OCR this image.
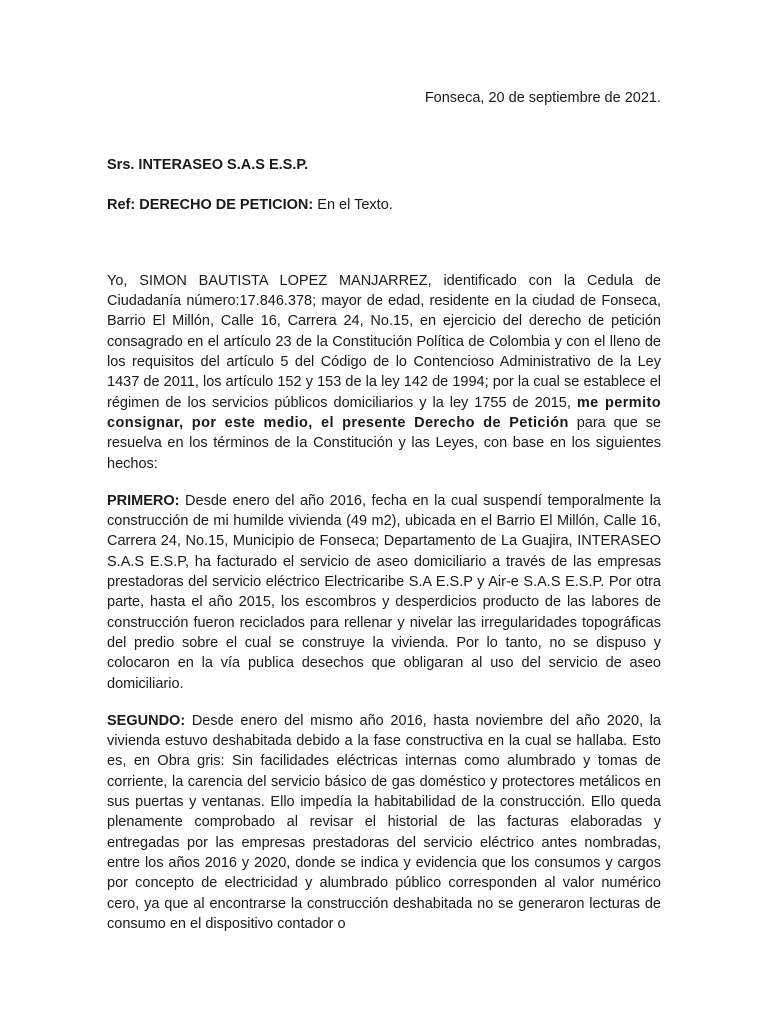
Fonseca, 20 de septiembre de 2021.

Srs. INTERASEO S.A.S E.S.P.

Ref: DERECHO DE PETICION: En el Texto.

Yo, SIMON BAUTISTA LOPEZ MANJARREZ, identificado con la Cedula de Ciudadanía número:17.846.378; mayor de edad, residente en la ciudad de Fonseca, Barrio El Millón, Calle 16, Carrera 24, No.15, en ejercicio del derecho de petición consagrado en el artículo 23 de la Constitución Política de Colombia y con el lleno de los requisitos del artículo 5 del Código de lo Contencioso Administrativo de la Ley 1437 de 2011, los artículo 152 y 153 de la ley 142 de 1994; por la cual se establece el régimen de los servicios públicos domiciliarios y la ley 1755 de 2015, me permito consignar, por este medio, el presente Derecho de Petición para que se resuelva en los términos de la Constitución y las Leyes, con base en los siguientes hechos:

PRIMERO: Desde enero del año 2016, fecha en la cual suspendí temporalmente la construcción de mi humilde vivienda (49 m2), ubicada en el Barrio El Millón, Calle 16, Carrera 24, No.15, Municipio de Fonseca; Departamento de La Guajira, INTERASEO S.A.S E.S.P, ha facturado el servicio de aseo domiciliario a través de las empresas prestadoras del servicio eléctrico Electricaribe S.A E.S.P y Air-e S.A.S E.S.P. Por otra parte, hasta el año 2015, los escombros y desperdicios producto de las labores de construcción fueron reciclados para rellenar y nivelar las irregularidades topográficas del predio sobre el cual se construye la vivienda. Por lo tanto, no se dispuso y colocaron en la vía publica desechos que obligaran al uso del servicio de aseo domiciliario.

SEGUNDO: Desde enero del mismo año 2016, hasta noviembre del año 2020, la vivienda estuvo deshabitada debido a la fase constructiva en la cual se hallaba. Esto es, en Obra gris: Sin facilidades eléctricas internas como alumbrado y tomas de corriente, la carencia del servicio básico de gas doméstico y protectores metálicos en sus puertas y ventanas. Ello impedía la habitabilidad de la construcción. Ello queda plenamente comprobado al revisar el historial de las facturas elaboradas y entregadas por las empresas prestadoras del servicio eléctrico antes nombradas, entre los años 2016 y 2020, donde se indica y evidencia que los consumos y cargos por concepto de electricidad y alumbrado público corresponden al valor numérico cero, ya que al encontrarse la construcción deshabitada no se generaron lecturas de consumo en el dispositivo contador o
